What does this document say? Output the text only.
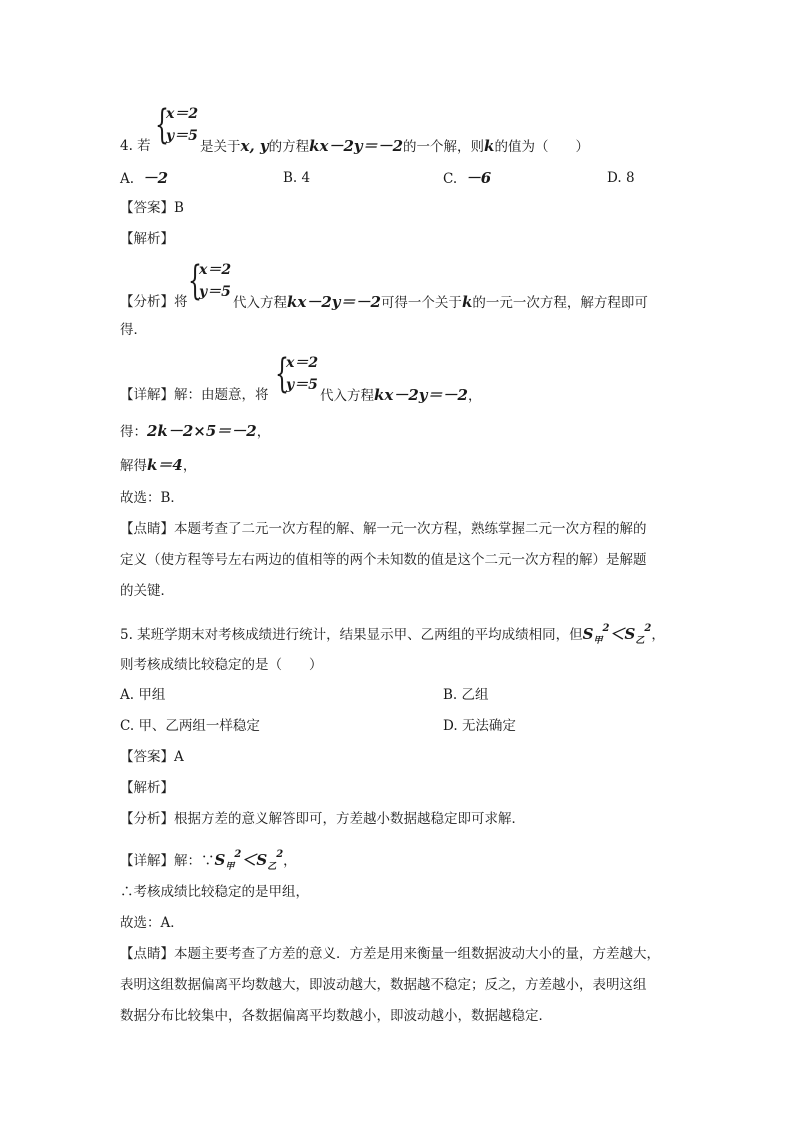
4. 若 {
x＝2
y＝5
是关于x, y的方程kx－2y＝－2的一个解，则k的值为（　　）
A. －2	B. 4	C. －6	D. 8
【答案】B
【解析】
【分析】将 {
x＝2
y＝5
代入方程kx－2y＝－2可得一个关于k的一元一次方程，解方程即可
得．
【详解】解：由题意，将 {
x＝2
y＝5
代入方程kx－2y＝－2，
得：2k－2×5＝－2，
解得k＝4，
故选：B．
【点睛】本题考查了二元一次方程的解、解一元一次方程，熟练掌握二元一次方程的解的
定义（使方程等号左右两边的值相等的两个未知数的值是这个二元一次方程的解）是解题
的关键．
5. 某班学期末对考核成绩进行统计，结果显示甲、乙两组的平均成绩相同，但$S_甲^2<S_乙^2$，
则考核成绩比较稳定的是（　　）
A. 甲组	B. 乙组
C. 甲、乙两组一样稳定	D. 无法确定
【答案】A
【解析】
【分析】根据方差的意义解答即可，方差越小数据越稳定即可求解．
【详解】解：$\because S_甲^2<S_乙^2$，
∴考核成绩比较稳定的是甲组，
故选：A．
【点睛】本题主要考查了方差的意义．方差是用来衡量一组数据波动大小的量，方差越大，
表明这组数据偏离平均数越大，即波动越大，数据越不稳定；反之，方差越小，表明这组
数据分布比较集中，各数据偏离平均数越小，即波动越小，数据越稳定．
